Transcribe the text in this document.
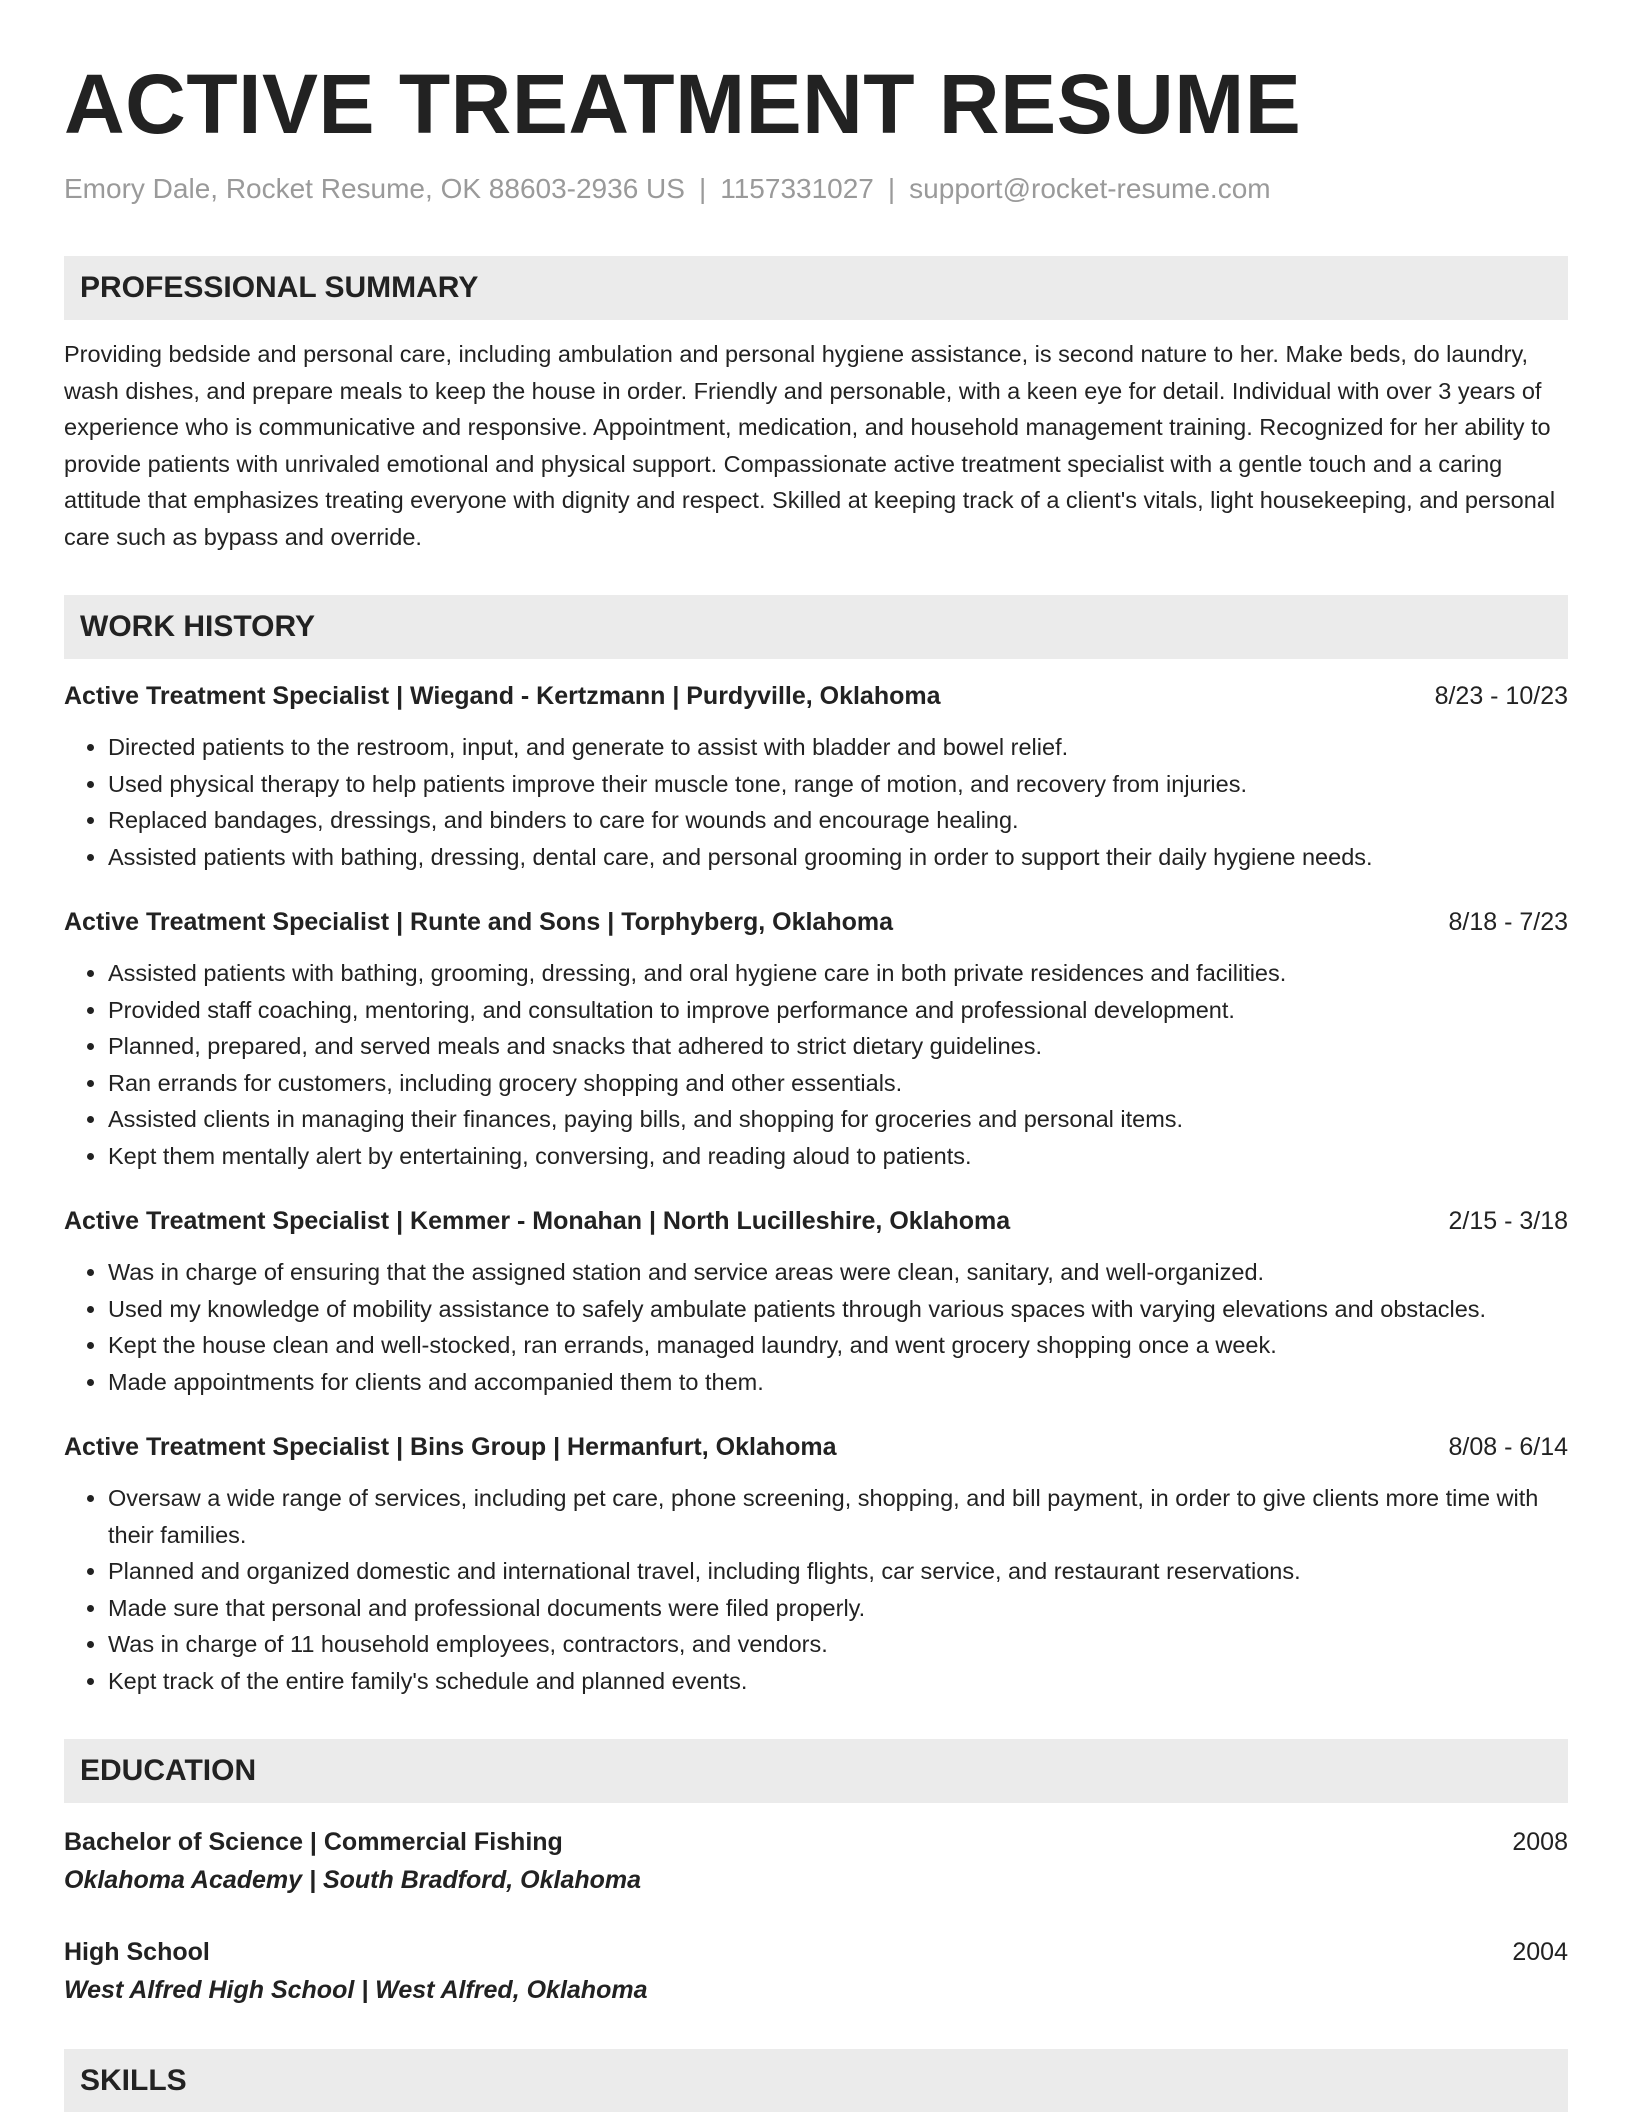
ACTIVE TREATMENT RESUME
Emory Dale, Rocket Resume, OK 88603-2936 US | 1157331027 | support@rocket-resume.com
PROFESSIONAL SUMMARY

Providing bedside and personal care, including ambulation and personal hygiene assistance, is second nature to her. Make beds, do laundry, wash dishes, and prepare meals to keep the house in order. Friendly and personable, with a keen eye for detail. Individual with over 3 years of experience who is communicative and responsive. Appointment, medication, and household management training. Recognized for her ability to provide patients with unrivaled emotional and physical support. Compassionate active treatment specialist with a gentle touch and a caring attitude that emphasizes treating everyone with dignity and respect. Skilled at keeping track of a client's vitals, light housekeeping, and personal care such as bypass and override.

WORK HISTORY
Active Treatment Specialist | Wiegand - Kertzmann | Purdyville, Oklahoma	8/23 - 10/23
• Directed patients to the restroom, input, and generate to assist with bladder and bowel relief.
• Used physical therapy to help patients improve their muscle tone, range of motion, and recovery from injuries.
• Replaced bandages, dressings, and binders to care for wounds and encourage healing.
• Assisted patients with bathing, dressing, dental care, and personal grooming in order to support their daily hygiene needs.
Active Treatment Specialist | Runte and Sons | Torphyberg, Oklahoma	8/18 - 7/23
• Assisted patients with bathing, grooming, dressing, and oral hygiene care in both private residences and facilities.
• Provided staff coaching, mentoring, and consultation to improve performance and professional development.
• Planned, prepared, and served meals and snacks that adhered to strict dietary guidelines.
• Ran errands for customers, including grocery shopping and other essentials.
• Assisted clients in managing their finances, paying bills, and shopping for groceries and personal items.
• Kept them mentally alert by entertaining, conversing, and reading aloud to patients.
Active Treatment Specialist | Kemmer - Monahan | North Lucilleshire, Oklahoma	2/15 - 3/18
• Was in charge of ensuring that the assigned station and service areas were clean, sanitary, and well-organized.
• Used my knowledge of mobility assistance to safely ambulate patients through various spaces with varying elevations and obstacles.
• Kept the house clean and well-stocked, ran errands, managed laundry, and went grocery shopping once a week.
• Made appointments for clients and accompanied them to them.
Active Treatment Specialist | Bins Group | Hermanfurt, Oklahoma	8/08 - 6/14
• Oversaw a wide range of services, including pet care, phone screening, shopping, and bill payment, in order to give clients more time with their families.
• Planned and organized domestic and international travel, including flights, car service, and restaurant reservations.
• Made sure that personal and professional documents were filed properly.
• Was in charge of 11 household employees, contractors, and vendors.
• Kept track of the entire family's schedule and planned events.
EDUCATION
Bachelor of Science | Commercial Fishing	2008
Oklahoma Academy | South Bradford, Oklahoma
High School	2004
West Alfred High School | West Alfred, Oklahoma
SKILLS
